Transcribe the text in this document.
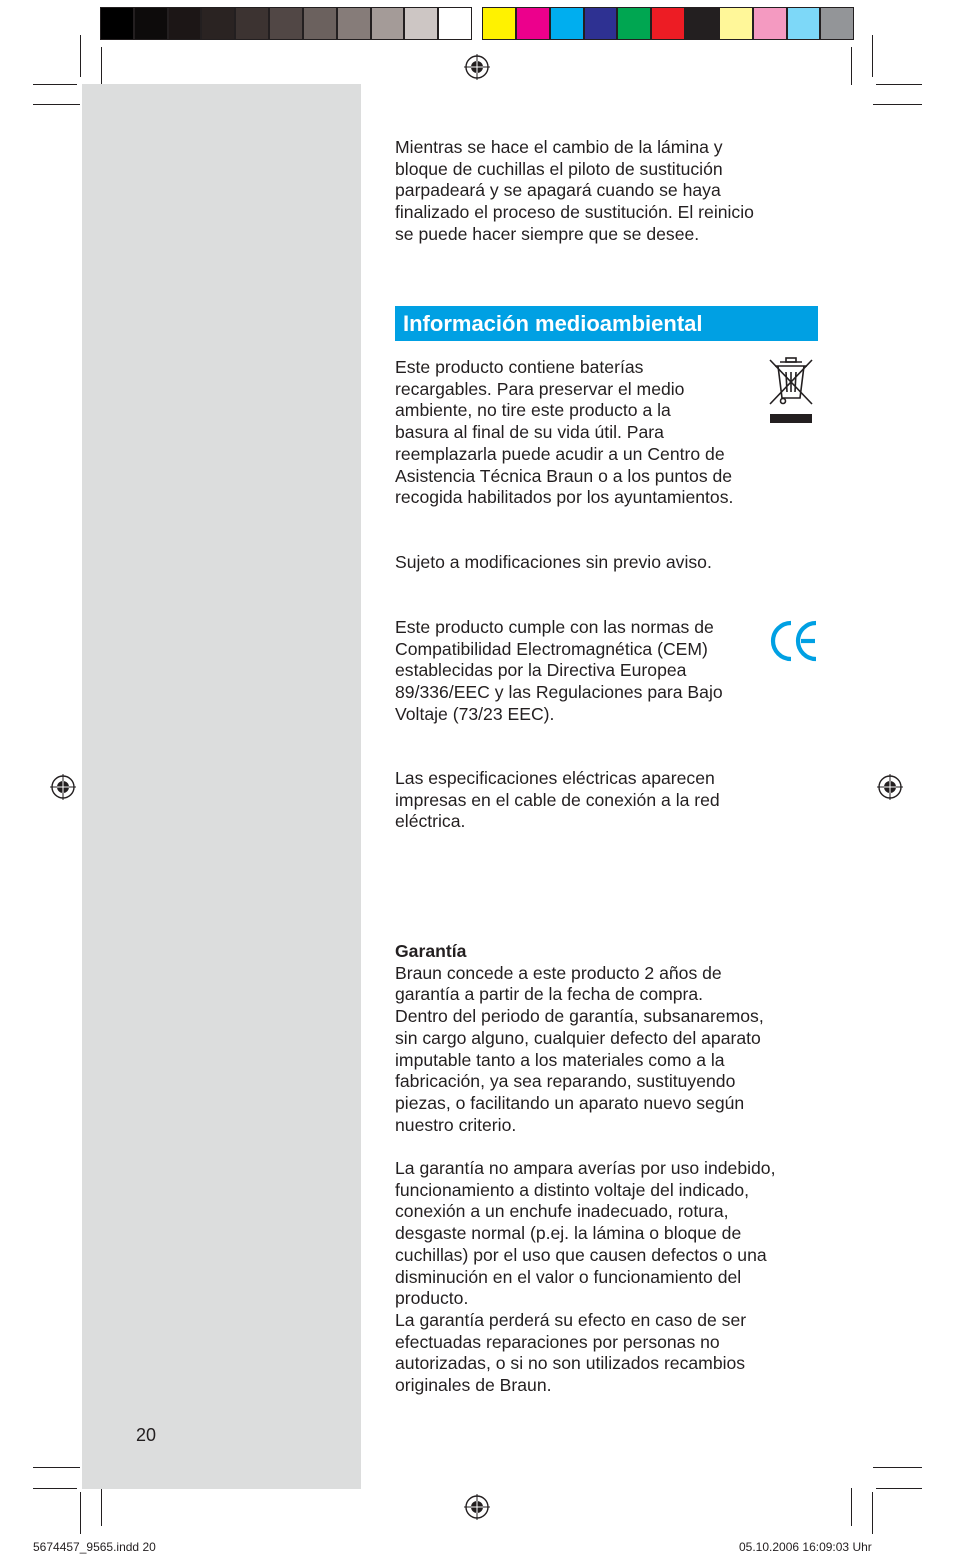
Mientras se hace el cambio de la lámina y
bloque de cuchillas el piloto de sustitución
parpadeará y se apagará cuando se haya
finalizado el proceso de sustitución. El reinicio
se puede hacer siempre que se desee.
Información medioambiental
Este producto contiene baterías
recargables. Para preservar el medio
ambiente, no tire este producto a la
basura al final de su vida útil. Para
reemplazarla puede acudir a un Centro de
Asistencia Técnica Braun o a los puntos de
recogida habilitados por los ayuntamientos.

Sujeto a modificaciones sin previo aviso.

Este producto cumple con las normas de
Compatibilidad Electromagnética (CEM)
establecidas por la Directiva Europea
89/336/EEC y las Regulaciones para Bajo
Voltaje (73/23 EEC).
Las especificaciones eléctricas aparecen
impresas en el cable de conexión a la red
eléctrica.
Garantía
Braun concede a este producto 2 años de
garantía a partir de la fecha de compra.
Dentro del periodo de garantía, subsanaremos,
sin cargo alguno, cualquier defecto del aparato
imputable tanto a los materiales como a la
fabricación, ya sea reparando, sustituyendo
piezas, o facilitando un aparato nuevo según
nuestro criterio.

La garantía no ampara averías por uso indebido,
funcionamiento a distinto voltaje del indicado,
conexión a un enchufe inadecuado, rotura,
desgaste normal (p.ej. la lámina o bloque de
cuchillas) por el uso que causen defectos o una
disminución en el valor o funcionamiento del
producto.
La garantía perderá su efecto en caso de ser
efectuadas reparaciones por personas no
autorizadas, o si no son utilizados recambios
originales de Braun.
20
5674457_9565.indd 20	05.10.2006 16:09:03 Uhr
